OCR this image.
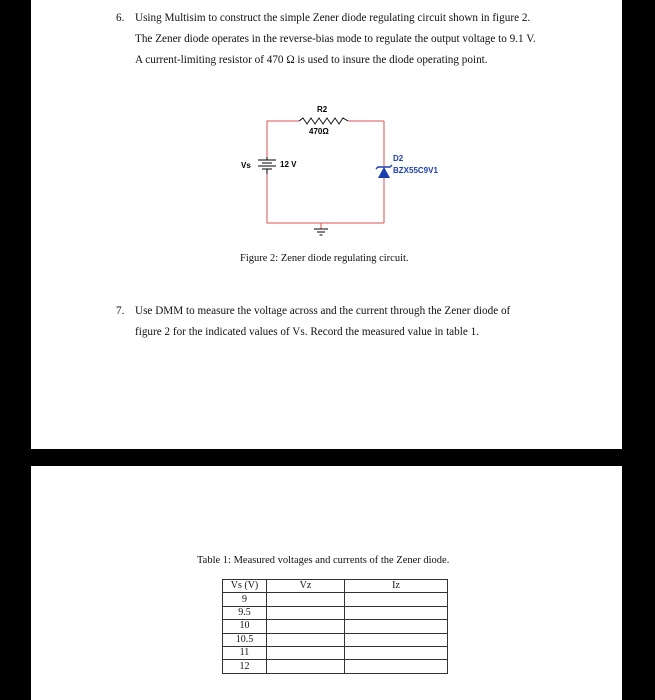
6. Using Multisim to construct the simple Zener diode regulating circuit shown in figure 2.
The Zener diode operates in the reverse-bias mode to regulate the output voltage to 9.1 V.
A current-limiting resistor of 470 Ω is used to insure the diode operating point.
R2
470Ω
Vs	12 V
D2
BZX55C9V1
Figure 2: Zener diode regulating circuit.
7. Use DMM to measure the voltage across and the current through the Zener diode of
figure 2 for the indicated values of Vs. Record the measured value in table 1.
Table 1: Measured voltages and currents of the Zener diode.
Vs (V)	Vz	Iz
9		
9.5		
10		
10.5		
11		
12		
